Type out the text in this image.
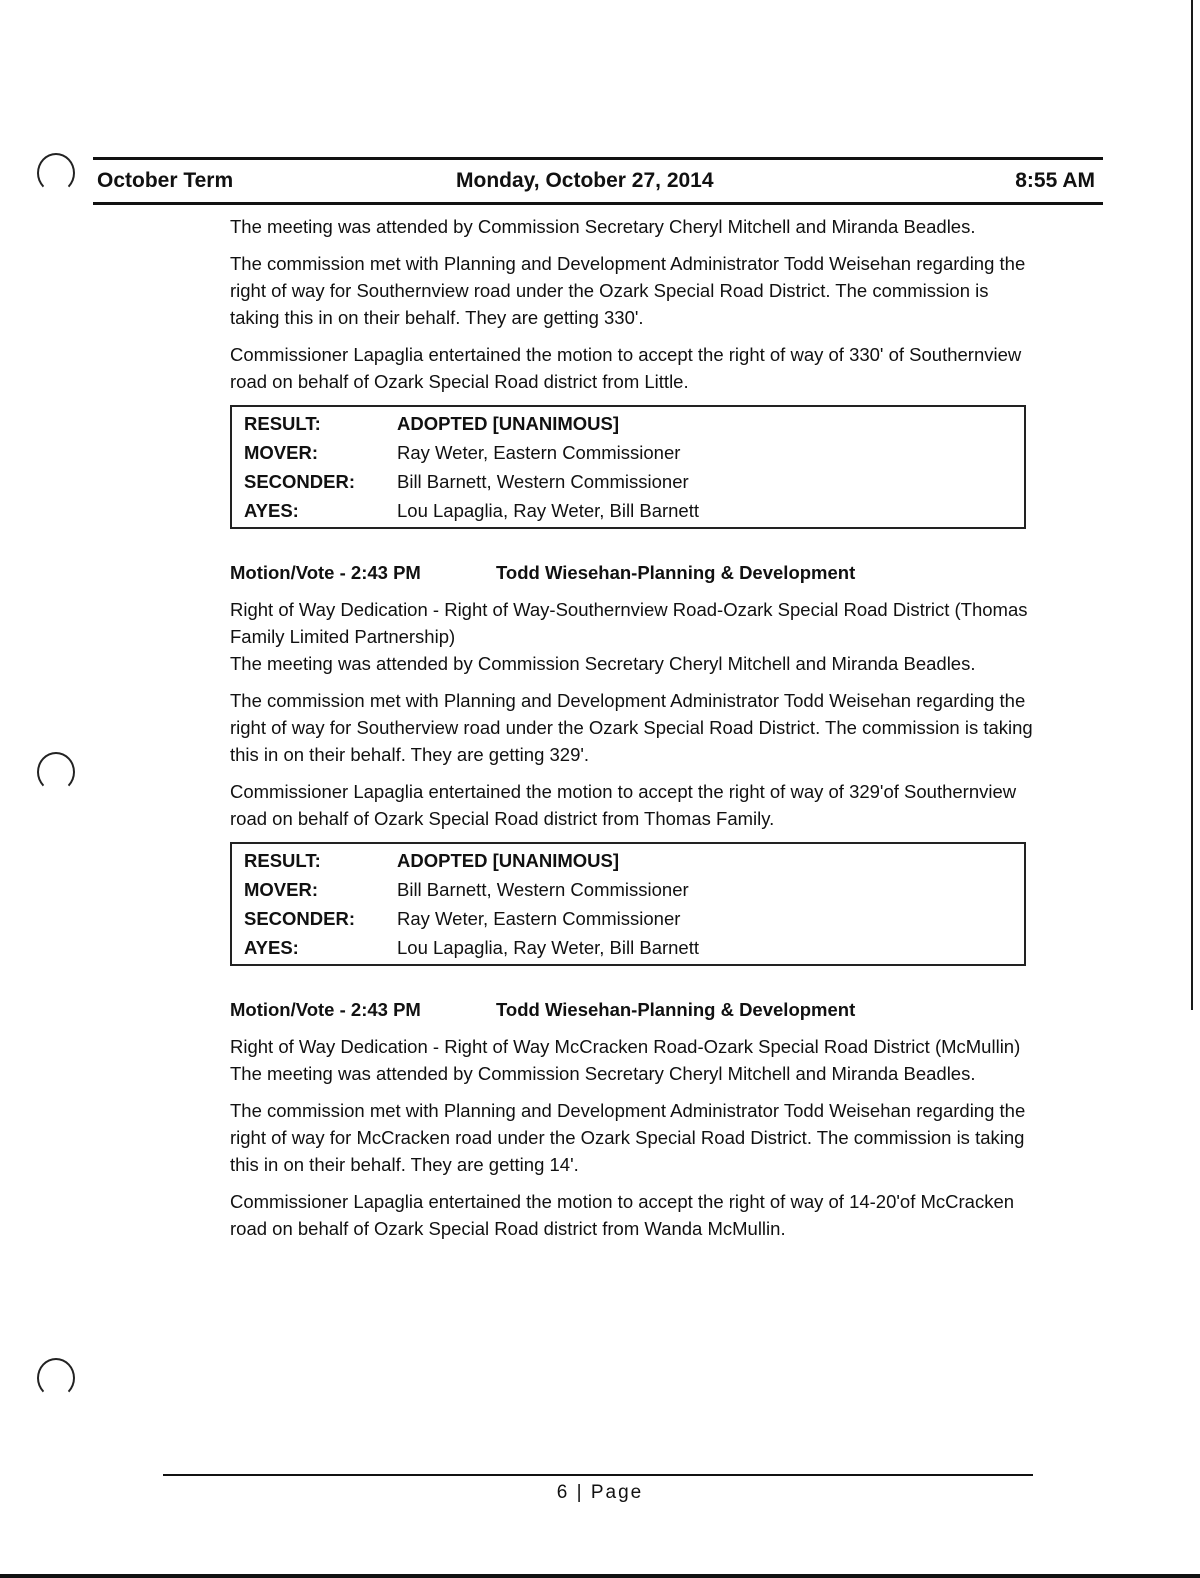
October Term	Monday, October 27, 2014	8:55 AM

The meeting was attended by Commission Secretary Cheryl Mitchell and Miranda Beadles.

The commission met with Planning and Development Administrator Todd Weisehan regarding the right of way for Southernview road under the Ozark Special Road District. The commission is taking this in on their behalf. They are getting 330'.

Commissioner Lapaglia entertained the motion to accept the right of way of 330' of Southernview road on behalf of Ozark Special Road district from Little.

RESULT:	ADOPTED [UNANIMOUS]
MOVER:	Ray Weter, Eastern Commissioner
SECONDER:	Bill Barnett, Western Commissioner
AYES:	Lou Lapaglia, Ray Weter, Bill Barnett

Motion/Vote - 2:43 PM	Todd Wiesehan-Planning & Development

Right of Way Dedication - Right of Way-Southernview Road-Ozark Special Road District (Thomas Family Limited Partnership)

The meeting was attended by Commission Secretary Cheryl Mitchell and Miranda Beadles.

The commission met with Planning and Development Administrator Todd Weisehan regarding the right of way for Southerview road under the Ozark Special Road District. The commission is taking this in on their behalf. They are getting 329'.

Commissioner Lapaglia entertained the motion to accept the right of way of 329'of Southernview road on behalf of Ozark Special Road district from Thomas Family.

RESULT:	ADOPTED [UNANIMOUS]
MOVER:	Bill Barnett, Western Commissioner
SECONDER:	Ray Weter, Eastern Commissioner
AYES:	Lou Lapaglia, Ray Weter, Bill Barnett

Motion/Vote - 2:43 PM	Todd Wiesehan-Planning & Development

Right of Way Dedication - Right of Way McCracken Road-Ozark Special Road District (McMullin)

The meeting was attended by Commission Secretary Cheryl Mitchell and Miranda Beadles.

The commission met with Planning and Development Administrator Todd Weisehan regarding the right of way for McCracken road under the Ozark Special Road District. The commission is taking this in on their behalf. They are getting 14'.

Commissioner Lapaglia entertained the motion to accept the right of way of 14-20'of McCracken road on behalf of Ozark Special Road district from Wanda McMullin.

6 | Page
